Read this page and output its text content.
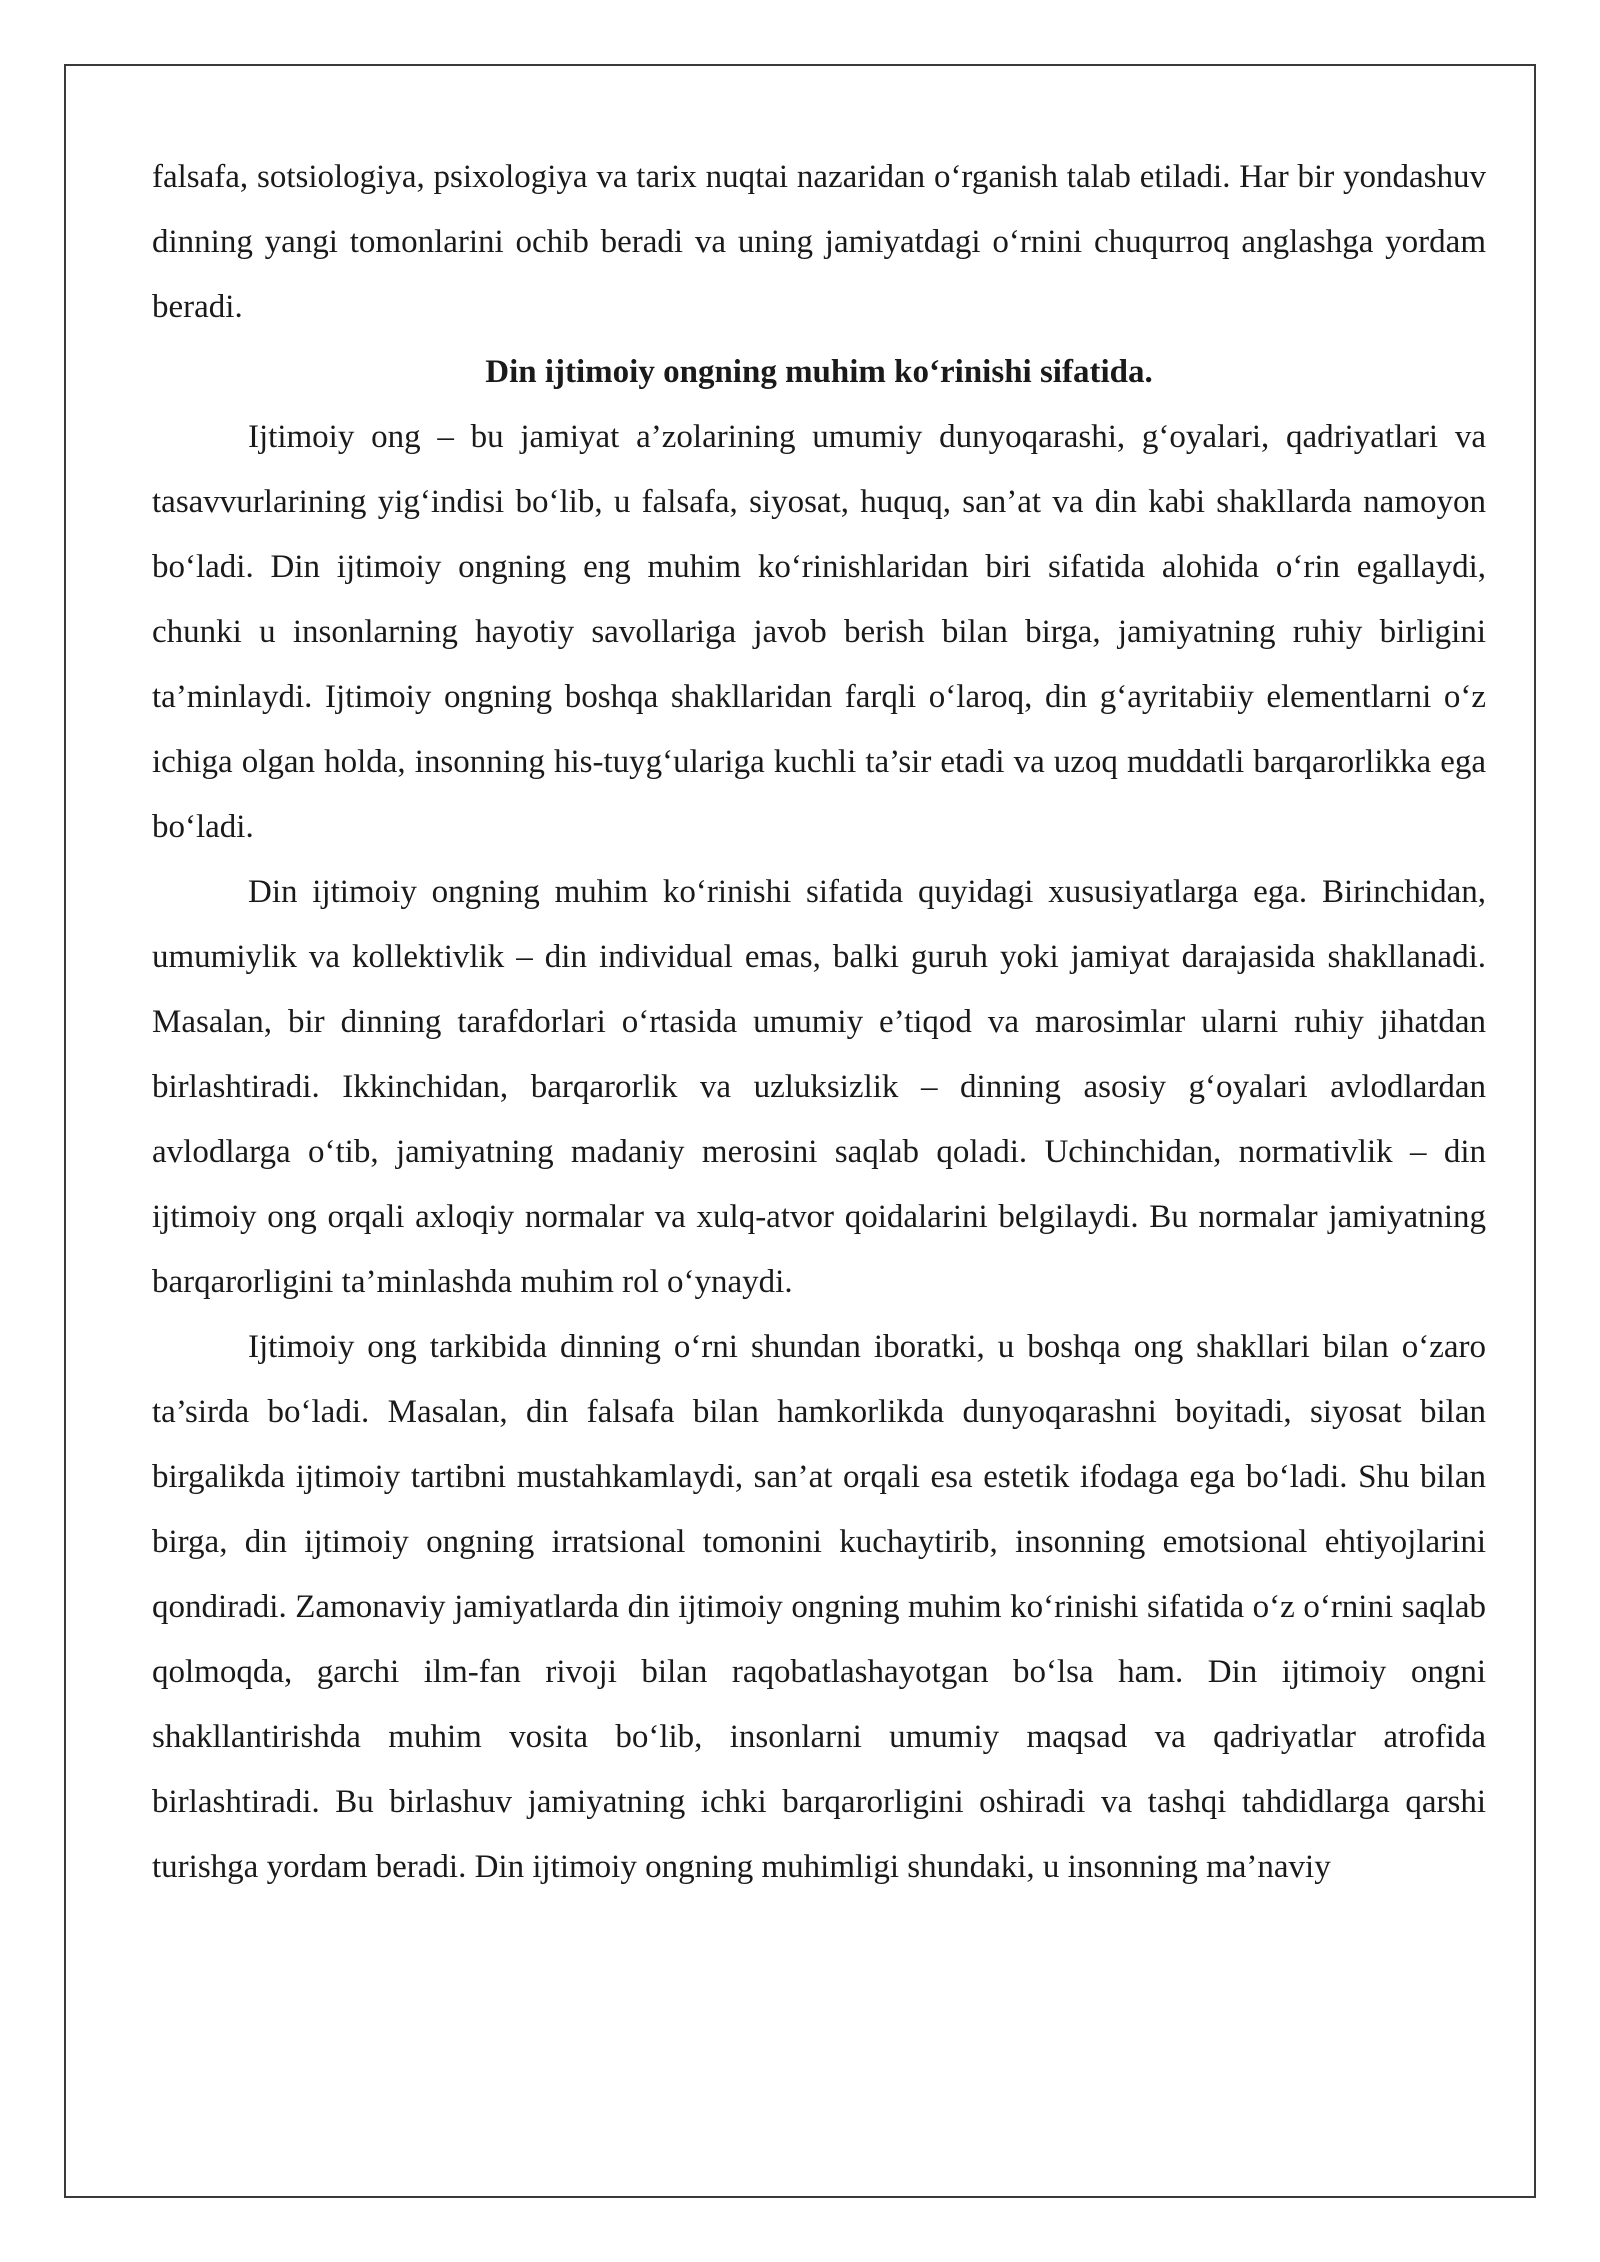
falsafa, sotsiologiya, psixologiya va tarix nuqtai nazaridan o‘rganish talab etiladi. Har bir yondashuv dinning yangi tomonlarini ochib beradi va uning jamiyatdagi o‘rnini chuqurroq anglashga yordam beradi.

Din ijtimoiy ongning muhim ko‘rinishi sifatida.

Ijtimoiy ong – bu jamiyat a’zolarining umumiy dunyoqarashi, g‘oyalari, qadriyatlari va tasavvurlarining yig‘indisi bo‘lib, u falsafa, siyosat, huquq, san’at va din kabi shakllarda namoyon bo‘ladi. Din ijtimoiy ongning eng muhim ko‘rinishlaridan biri sifatida alohida o‘rin egallaydi, chunki u insonlarning hayotiy savollariga javob berish bilan birga, jamiyatning ruhiy birligini ta’minlaydi. Ijtimoiy ongning boshqa shakllaridan farqli o‘laroq, din g‘ayritabiiy elementlarni o‘z ichiga olgan holda, insonning his-tuyg‘ulariga kuchli ta’sir etadi va uzoq muddatli barqarorlikka ega bo‘ladi.

Din ijtimoiy ongning muhim ko‘rinishi sifatida quyidagi xususiyatlarga ega. Birinchidan, umumiylik va kollektivlik – din individual emas, balki guruh yoki jamiyat darajasida shakllanadi. Masalan, bir dinning tarafdorlari o‘rtasida umumiy e’tiqod va marosimlar ularni ruhiy jihatdan birlashtiradi. Ikkinchidan, barqarorlik va uzluksizlik – dinning asosiy g‘oyalari avlodlardan avlodlarga o‘tib, jamiyatning madaniy merosini saqlab qoladi. Uchinchidan, normativlik – din ijtimoiy ong orqali axloqiy normalar va xulq-atvor qoidalarini belgilaydi. Bu normalar jamiyatning barqarorligini ta’minlashda muhim rol o‘ynaydi.

Ijtimoiy ong tarkibida dinning o‘rni shundan iboratki, u boshqa ong shakllari bilan o‘zaro ta’sirda bo‘ladi. Masalan, din falsafa bilan hamkorlikda dunyoqarashni boyitadi, siyosat bilan birgalikda ijtimoiy tartibni mustahkamlaydi, san’at orqali esa estetik ifodaga ega bo‘ladi. Shu bilan birga, din ijtimoiy ongning irratsional tomonini kuchaytirib, insonning emotsional ehtiyojlarini qondiradi. Zamonaviy jamiyatlarda din ijtimoiy ongning muhim ko‘rinishi sifatida o‘z o‘rnini saqlab qolmoqda, garchi ilm-fan rivoji bilan raqobatlashayotgan bo‘lsa ham. Din ijtimoiy ongni shakllantirishda muhim vosita bo‘lib, insonlarni umumiy maqsad va qadriyatlar atrofida birlashtiradi. Bu birlashuv jamiyatning ichki barqarorligini oshiradi va tashqi tahdidlarga qarshi turishga yordam beradi. Din ijtimoiy ongning muhimligi shundaki, u insonning ma’naviy
